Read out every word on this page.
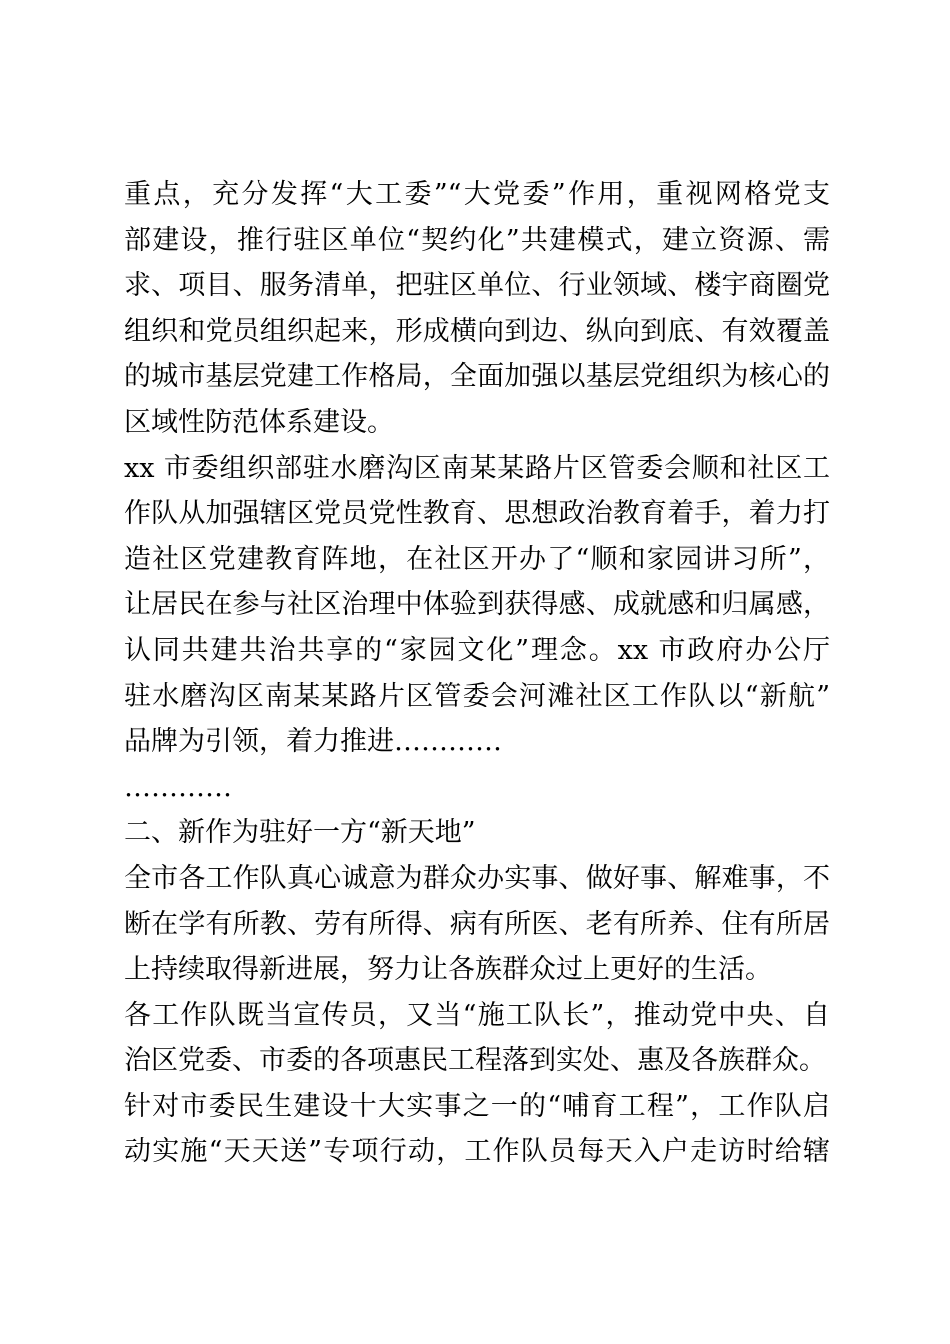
重点，充分发挥“大工委”“大党委”作用，重视网格党支
部建设，推行驻区单位“契约化”共建模式，建立资源、需
求、项目、服务清单，把驻区单位、行业领域、楼宇商圈党
组织和党员组织起来，形成横向到边、纵向到底、有效覆盖
的城市基层党建工作格局，全面加强以基层党组织为核心的
区域性防范体系建设。
xx 市委组织部驻水磨沟区南某某路片区管委会顺和社区工
作队从加强辖区党员党性教育、思想政治教育着手，着力打
造社区党建教育阵地，在社区开办了“顺和家园讲习所”，
让居民在参与社区治理中体验到获得感、成就感和归属感，
认同共建共治共享的“家园文化”理念。xx 市政府办公厅
驻水磨沟区南某某路片区管委会河滩社区工作队以“新航”
品牌为引领，着力推进…………
…………
二、新作为驻好一方“新天地”
全市各工作队真心诚意为群众办实事、做好事、解难事，不
断在学有所教、劳有所得、病有所医、老有所养、住有所居
上持续取得新进展，努力让各族群众过上更好的生活。
各工作队既当宣传员，又当“施工队长”，推动党中央、自
治区党委、市委的各项惠民工程落到实处、惠及各族群众。
针对市委民生建设十大实事之一的“哺育工程”，工作队启
动实施“天天送”专项行动，工作队员每天入户走访时给辖
